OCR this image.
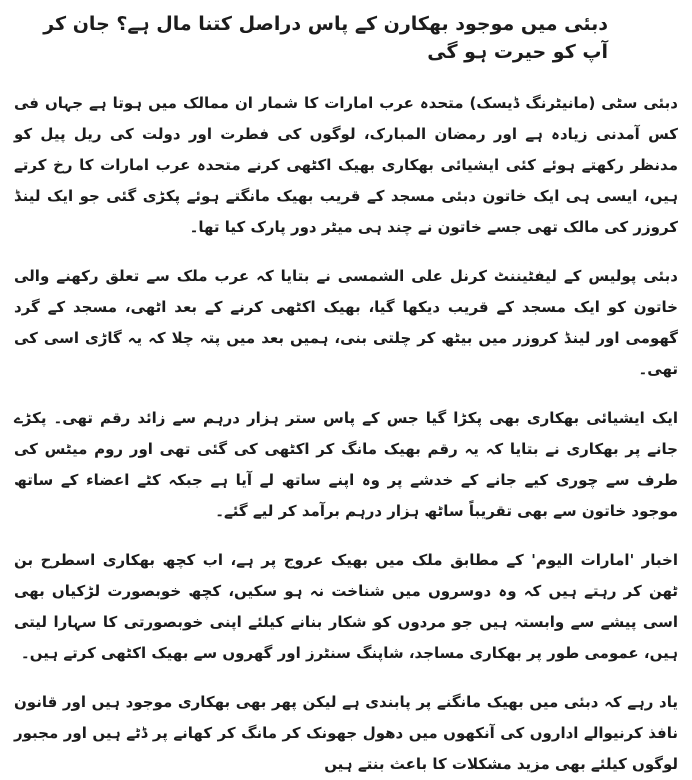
دبئی میں موجود بھکارن کے پاس دراصل کتنا مال ہے؟ جان کر آپ کو حیرت ہو گی

دبئی سٹی (مانیٹرنگ ڈیسک) متحدہ عرب امارات کا شمار ان ممالک میں ہوتا ہے جہاں فی کس آمدنی زیادہ ہے اور رمضان المبارک، لوگوں کی فطرت اور دولت کی ریل پیل کو مدنظر رکھتے ہوئے کئی ایشیائی بھکاری بھیک اکٹھی کرنے متحدہ عرب امارات کا رخ کرتے ہیں، ایسی ہی ایک خاتون دبئی مسجد کے قریب بھیک مانگتے ہوئے پکڑی گئی جو ایک لینڈ کروزر کی مالک تھی جسے خاتون نے چند ہی میٹر دور پارک کیا تھا۔

دبئی پولیس کے لیفٹیننٹ کرنل علی الشمسی نے بتایا کہ عرب ملک سے تعلق رکھنے والی خاتون کو ایک مسجد کے قریب دیکھا گیا، بھیک اکٹھی کرنے کے بعد اٹھی، مسجد کے گرد گھومی اور لینڈ کروزر میں بیٹھ کر چلتی بنی، ہمیں بعد میں پتہ چلا کہ یہ گاڑی اسی کی تھی۔

ایک ایشیائی بھکاری بھی پکڑا گیا جس کے پاس ستر ہزار درہم سے زائد رقم تھی۔ پکڑے جانے پر بھکاری نے بتایا کہ یہ رقم بھیک مانگ کر اکٹھی کی گئی تھی اور روم میٹس کی طرف سے چوری کیے جانے کے خدشے پر وہ اپنے ساتھ لے آیا ہے جبکہ کٹے اعضاء کے ساتھ موجود خاتون سے بھی تقریباً ساٹھ ہزار درہم برآمد کر لیے گئے۔

اخبار 'امارات الیوم' کے مطابق ملک میں بھیک عروج پر ہے، اب کچھ بھکاری اسطرح بن ٹھن کر رہتے ہیں کہ وہ دوسروں میں شناخت نہ ہو سکیں، کچھ خوبصورت لڑکیاں بھی اسی پیشے سے وابستہ ہیں جو مردوں کو شکار بنانے کیلئے اپنی خوبصورتی کا سہارا لیتی ہیں، عمومی طور پر بھکاری مساجد، شاپنگ سنٹرز اور گھروں سے بھیک اکٹھی کرتے ہیں۔

یاد رہے کہ دبئی میں بھیک مانگنے پر پابندی ہے لیکن پھر بھی بھکاری موجود ہیں اور قانون نافذ کرنیوالے اداروں کی آنکھوں میں دھول جھونک کر مانگ کر کھانے پر ڈٹے ہیں اور مجبور لوگوں کیلئے بھی مزید مشکلات کا باعث بنتے ہیں
